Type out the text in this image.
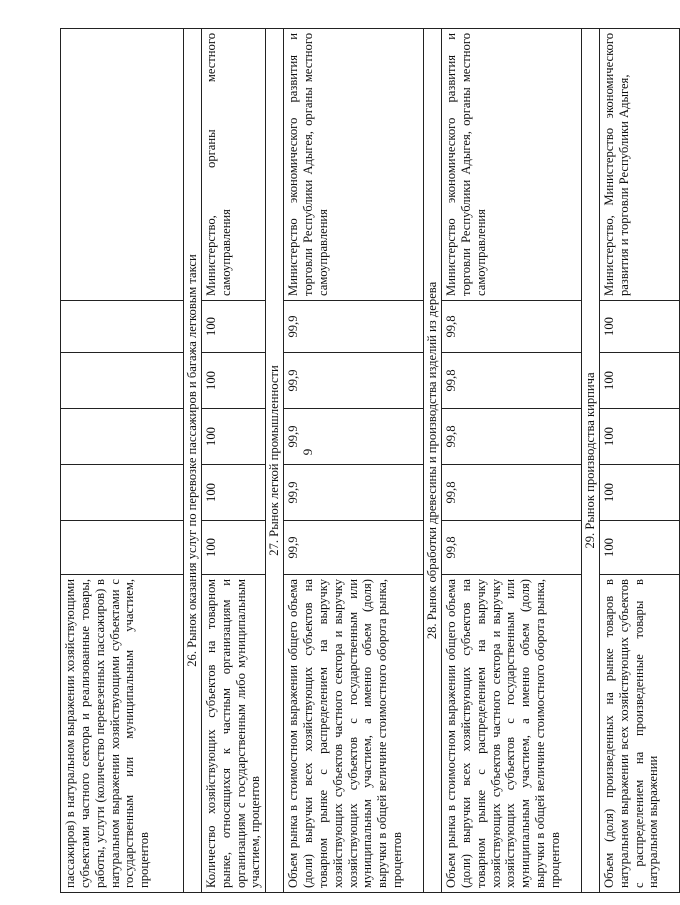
9
пассажиров) в натуральном выражении хозяйствующими субъектами частного сектора и реализованные товары, работы, услуги (количество перевезенных пассажиров) в натуральном выражении хозяйствующими субъектами с государственным или муниципальным участием, процентов						
26. Рынок оказания услуг по перевозке пассажиров и багажа легковым такси						
Количество хозяйствующих субъектов на товарном рынке, относящихся к частным организациям и организациям с государственным либо муниципальным участием, процентов	100	100	100	100	100	Министерство, органы местного самоуправления
27. Рынок легкой промышленности						
Объем рынка в стоимостном выражении общего объема (доли) выручки всех хозяйствующих субъектов на товарном рынке с распределением на выручку хозяйствующих субъектов частного сектора и выручку хозяйствующих субъектов с государственным или муниципальным участием, а именно объем (доля) выручки в общей величине стоимостного оборота рынка, процентов	99,9	99,9	99,9	99,9	99,9	Министерство экономического развития и торговли Республики Адыгея, органы местного самоуправления
28. Рынок обработки древесины и производства изделий из дерева						
Объем рынка в стоимостном выражении общего объема (доли) выручки всех хозяйствующих субъектов на товарном рынке с распределением на выручку хозяйствующих субъектов частного сектора и выручку хозяйствующих субъектов с государственным или муниципальным участием, а именно объем (доля) выручки в общей величине стоимостного оборота рынка, процентов	99,8	99,8	99,8	99,8	99,8	Министерство экономического развития и торговли Республики Адыгея, органы местного самоуправления
29. Рынок производства кирпича						
Объем (доля) произведенных на рынке товаров в натуральном выражении всех хозяйствующих субъектов с распределением на произведенные товары в натуральном выражении	100	100	100	100	100	Министерство, Министерство экономического развития и торговли Республики Адыгея,
